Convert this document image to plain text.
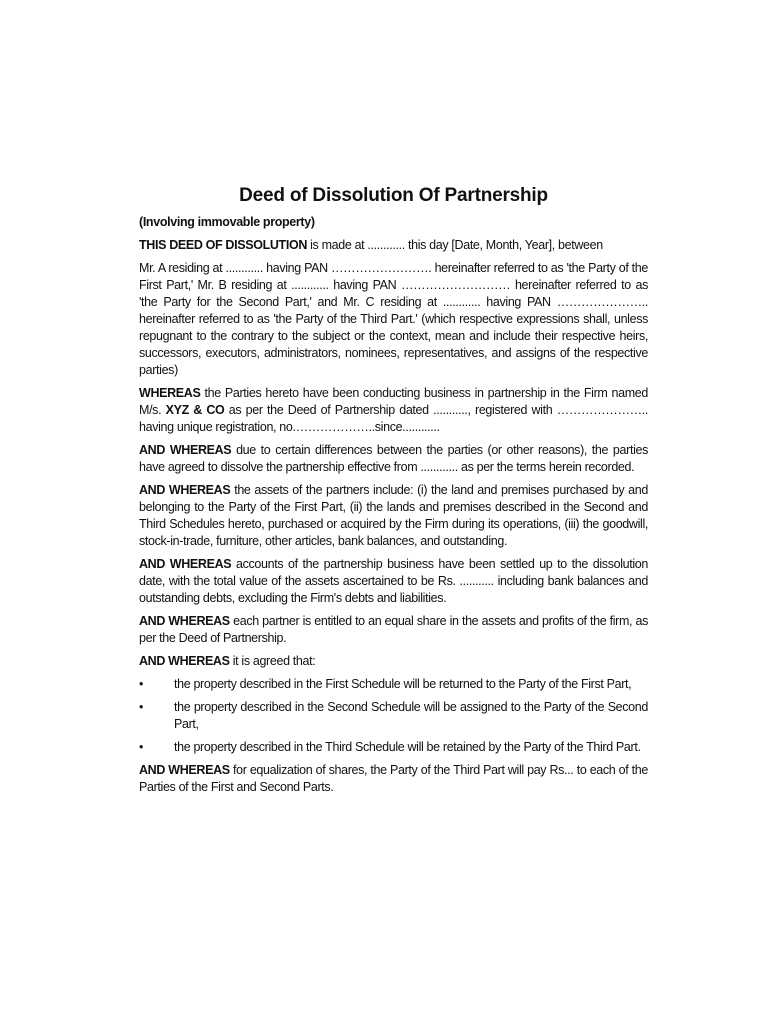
Deed of Dissolution Of Partnership

(Involving immovable property)

THIS DEED OF DISSOLUTION is made at ............ this day [Date, Month, Year], between

Mr. A residing at ............ having PAN ……………………. hereinafter referred to as 'the Party of the First Part,' Mr. B residing at ............ having PAN ……………………… hereinafter referred to as 'the Party for the Second Part,' and Mr. C residing at ............ having PAN ………………….. hereinafter referred to as 'the Party of the Third Part.' (which respective expressions shall, unless repugnant to the contrary to the subject or the context, mean and include their respective heirs, successors, executors, administrators, nominees, representatives, and assigns of the respective parties)

WHEREAS the Parties hereto have been conducting business in partnership in the Firm named M/s. XYZ & CO as per the Deed of Partnership dated ..........., registered with ………………….. having unique registration, no.………………..since............

AND WHEREAS due to certain differences between the parties (or other reasons), the parties have agreed to dissolve the partnership effective from ............ as per the terms herein recorded.

AND WHEREAS the assets of the partners include: (i) the land and premises purchased by and belonging to the Party of the First Part, (ii) the lands and premises described in the Second and Third Schedules hereto, purchased or acquired by the Firm during its operations, (iii) the goodwill, stock-in-trade, furniture, other articles, bank balances, and outstanding.

AND WHEREAS accounts of the partnership business have been settled up to the dissolution date, with the total value of the assets ascertained to be Rs. ........... including bank balances and outstanding debts, excluding the Firm's debts and liabilities.

AND WHEREAS each partner is entitled to an equal share in the assets and profits of the firm, as per the Deed of Partnership.

AND WHEREAS it is agreed that:

•	the property described in the First Schedule will be returned to the Party of the First Part,
•	the property described in the Second Schedule will be assigned to the Party of the Second Part,
•	the property described in the Third Schedule will be retained by the Party of the Third Part.

AND WHEREAS for equalization of shares, the Party of the Third Part will pay Rs... to each of the Parties of the First and Second Parts.
